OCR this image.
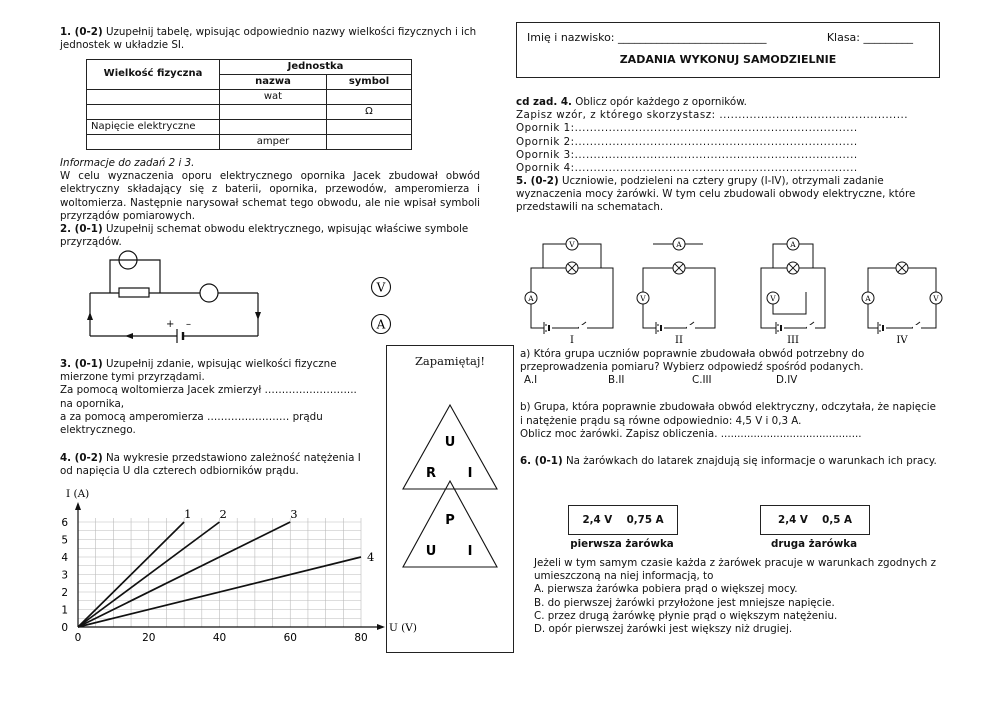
1. (0-2) Uzupełnij tabelę, wpisując odpowiednio nazwy wielkości fizycznych i ich jednostek w układzie SI.

Wielkość fizyczna	Jednostka	
	nazwa	symbol
	wat	
		Ω
Napięcie elektryczne		
	amper	

Informacje do zadań 2 i 3.

W celu wyznaczenia oporu elektrycznego opornika Jacek zbudował obwód elektryczny składający się z baterii, opornika, przewodów, amperomierza i woltomierza. Następnie narysował schemat tego obwodu, ale nie wpisał symboli przyrządów pomiarowych.

2. (0-1) Uzupełnij schemat obwodu elektrycznego, wpisując właściwe symbole przyrządów.

+ –
V
A

3. (0-1) Uzupełnij zdanie, wpisując wielkości fizyczne mierzone tymi przyrządami.

Za pomocą woltomierza Jacek zmierzył ……………………... na opornika,

a za pomocą amperomierza …………………… prądu elektrycznego.

4. (0-2) Na wykresie przedstawiono zależność natężenia I od napięcia U dla czterech odbiorników prądu.

0	20	40	60	80
0
1
2
3
4
5
6
I (A)
U (V)
1 2	3
4
Zapamiętaj!
U
R I
P
U I
Imię i nazwisko: ___________________________	Klasa: _________
ZADANIA WYKONUJ SAMODZIELNIE

cd zad. 4. Oblicz opór każdego z oporników.

Zapisz wzór, z którego skorzystasz: ..................................................

Opornik 1:...........................................................................

Opornik 2:...........................................................................

Opornik 3:...........................................................................

Opornik 4:...........................................................................

5. (0-2) Uczniowie, podzieleni na cztery grupy (I-IV), otrzymali zadanie wyznaczenia mocy żarówki. W tym celu zbudowali obwody elektryczne, które przedstawili na schematach.

V
A
A
V
A
V	A	V
I	II	III	IV

a) Która grupa uczniów poprawnie zbudowała obwód potrzebny do przeprowadzenia pomiaru? Wybierz odpowiedź spośród podanych.

A.I	B.II	C.III	D.IV

b) Grupa, która poprawnie zbudowała obwód elektryczny, odczytała, że napięcie i natężenie prądu są równe odpowiednio: 4,5 V i 0,3 A.

Oblicz moc żarówki. Zapisz obliczenia. ...........................................

6. (0-1) Na żarówkach do latarek znajdują się informacje o warunkach ich pracy.

2,4 V    0,75 A
pierwsza żarówka
2,4 V    0,5 A
druga żarówka

Jeżeli w tym samym czasie każda z żarówek pracuje w warunkach zgodnych z umieszczoną na niej informacją, to

A. pierwsza żarówka pobiera prąd o większej mocy.

B. do pierwszej żarówki przyłożone jest mniejsze napięcie.

C. przez drugą żarówkę płynie prąd o większym natężeniu.

D. opór pierwszej żarówki jest większy niż drugiej.
